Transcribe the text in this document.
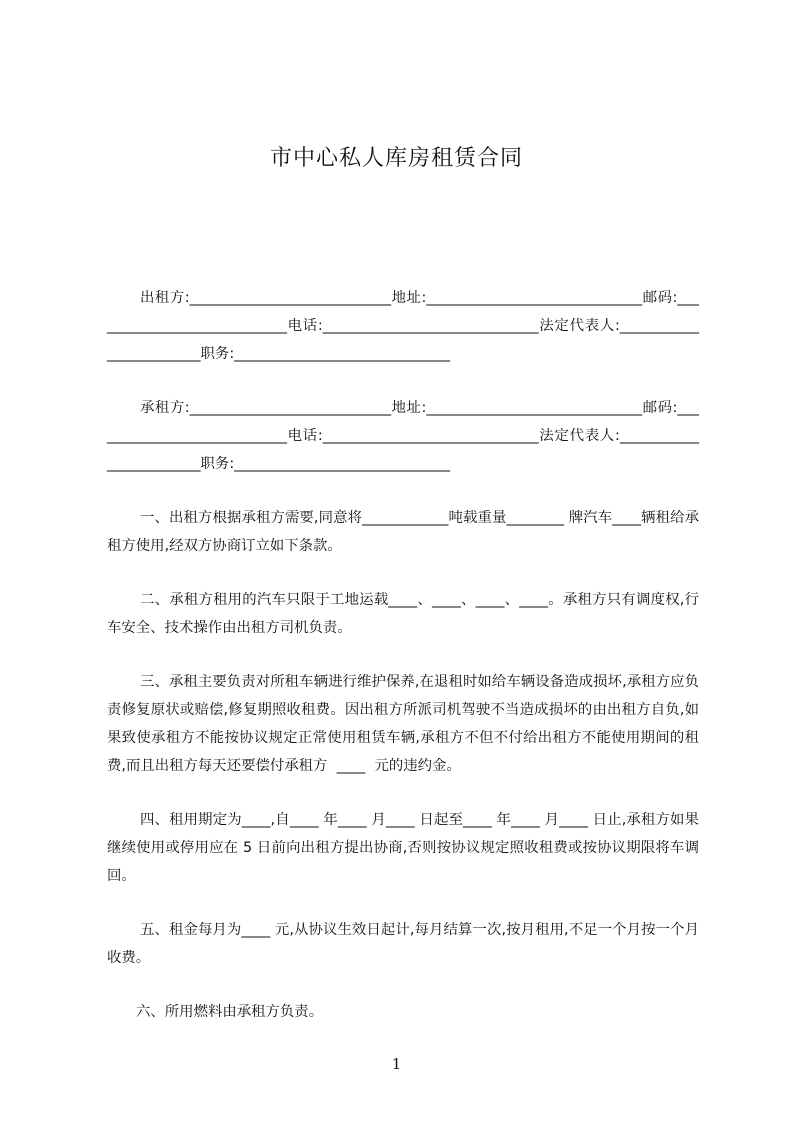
市中心私人库房租赁合同

出租方:____________________________地址:______________________________邮码:____________________________电话:______________________________法定代表人:________________________职务:______________________________

承租方:____________________________地址:______________________________邮码:____________________________电话:______________________________法定代表人:________________________职务:______________________________

一、出租方根据承租方需要,同意将____________吨载重量________ 牌汽车____辆租给承租方使用,经双方协商订立如下条款。

二、承租方租用的汽车只限于工地运载____、____、____、____。承租方只有调度权,行车安全、技术操作由出租方司机负责。

三、承租主要负责对所租车辆进行维护保养,在退租时如给车辆设备造成损坏,承租方应负责修复原状或赔偿,修复期照收租费。因出租方所派司机驾驶不当造成损坏的由出租方自负,如果致使承租方不能按协议规定正常使用租赁车辆,承租方不但不付给出租方不能使用期间的租费,而且出租方每天还要偿付承租方  ____  元的违约金。

四、租用期定为____,自____ 年____ 月____ 日起至____ 年____ 月____ 日止,承租方如果继续使用或停用应在 5 日前向出租方提出协商,否则按协议规定照收租费或按协议期限将车调回。

五、租金每月为____ 元,从协议生效日起计,每月结算一次,按月租用,不足一个月按一个月收费。

六、所用燃料由承租方负责。

1
